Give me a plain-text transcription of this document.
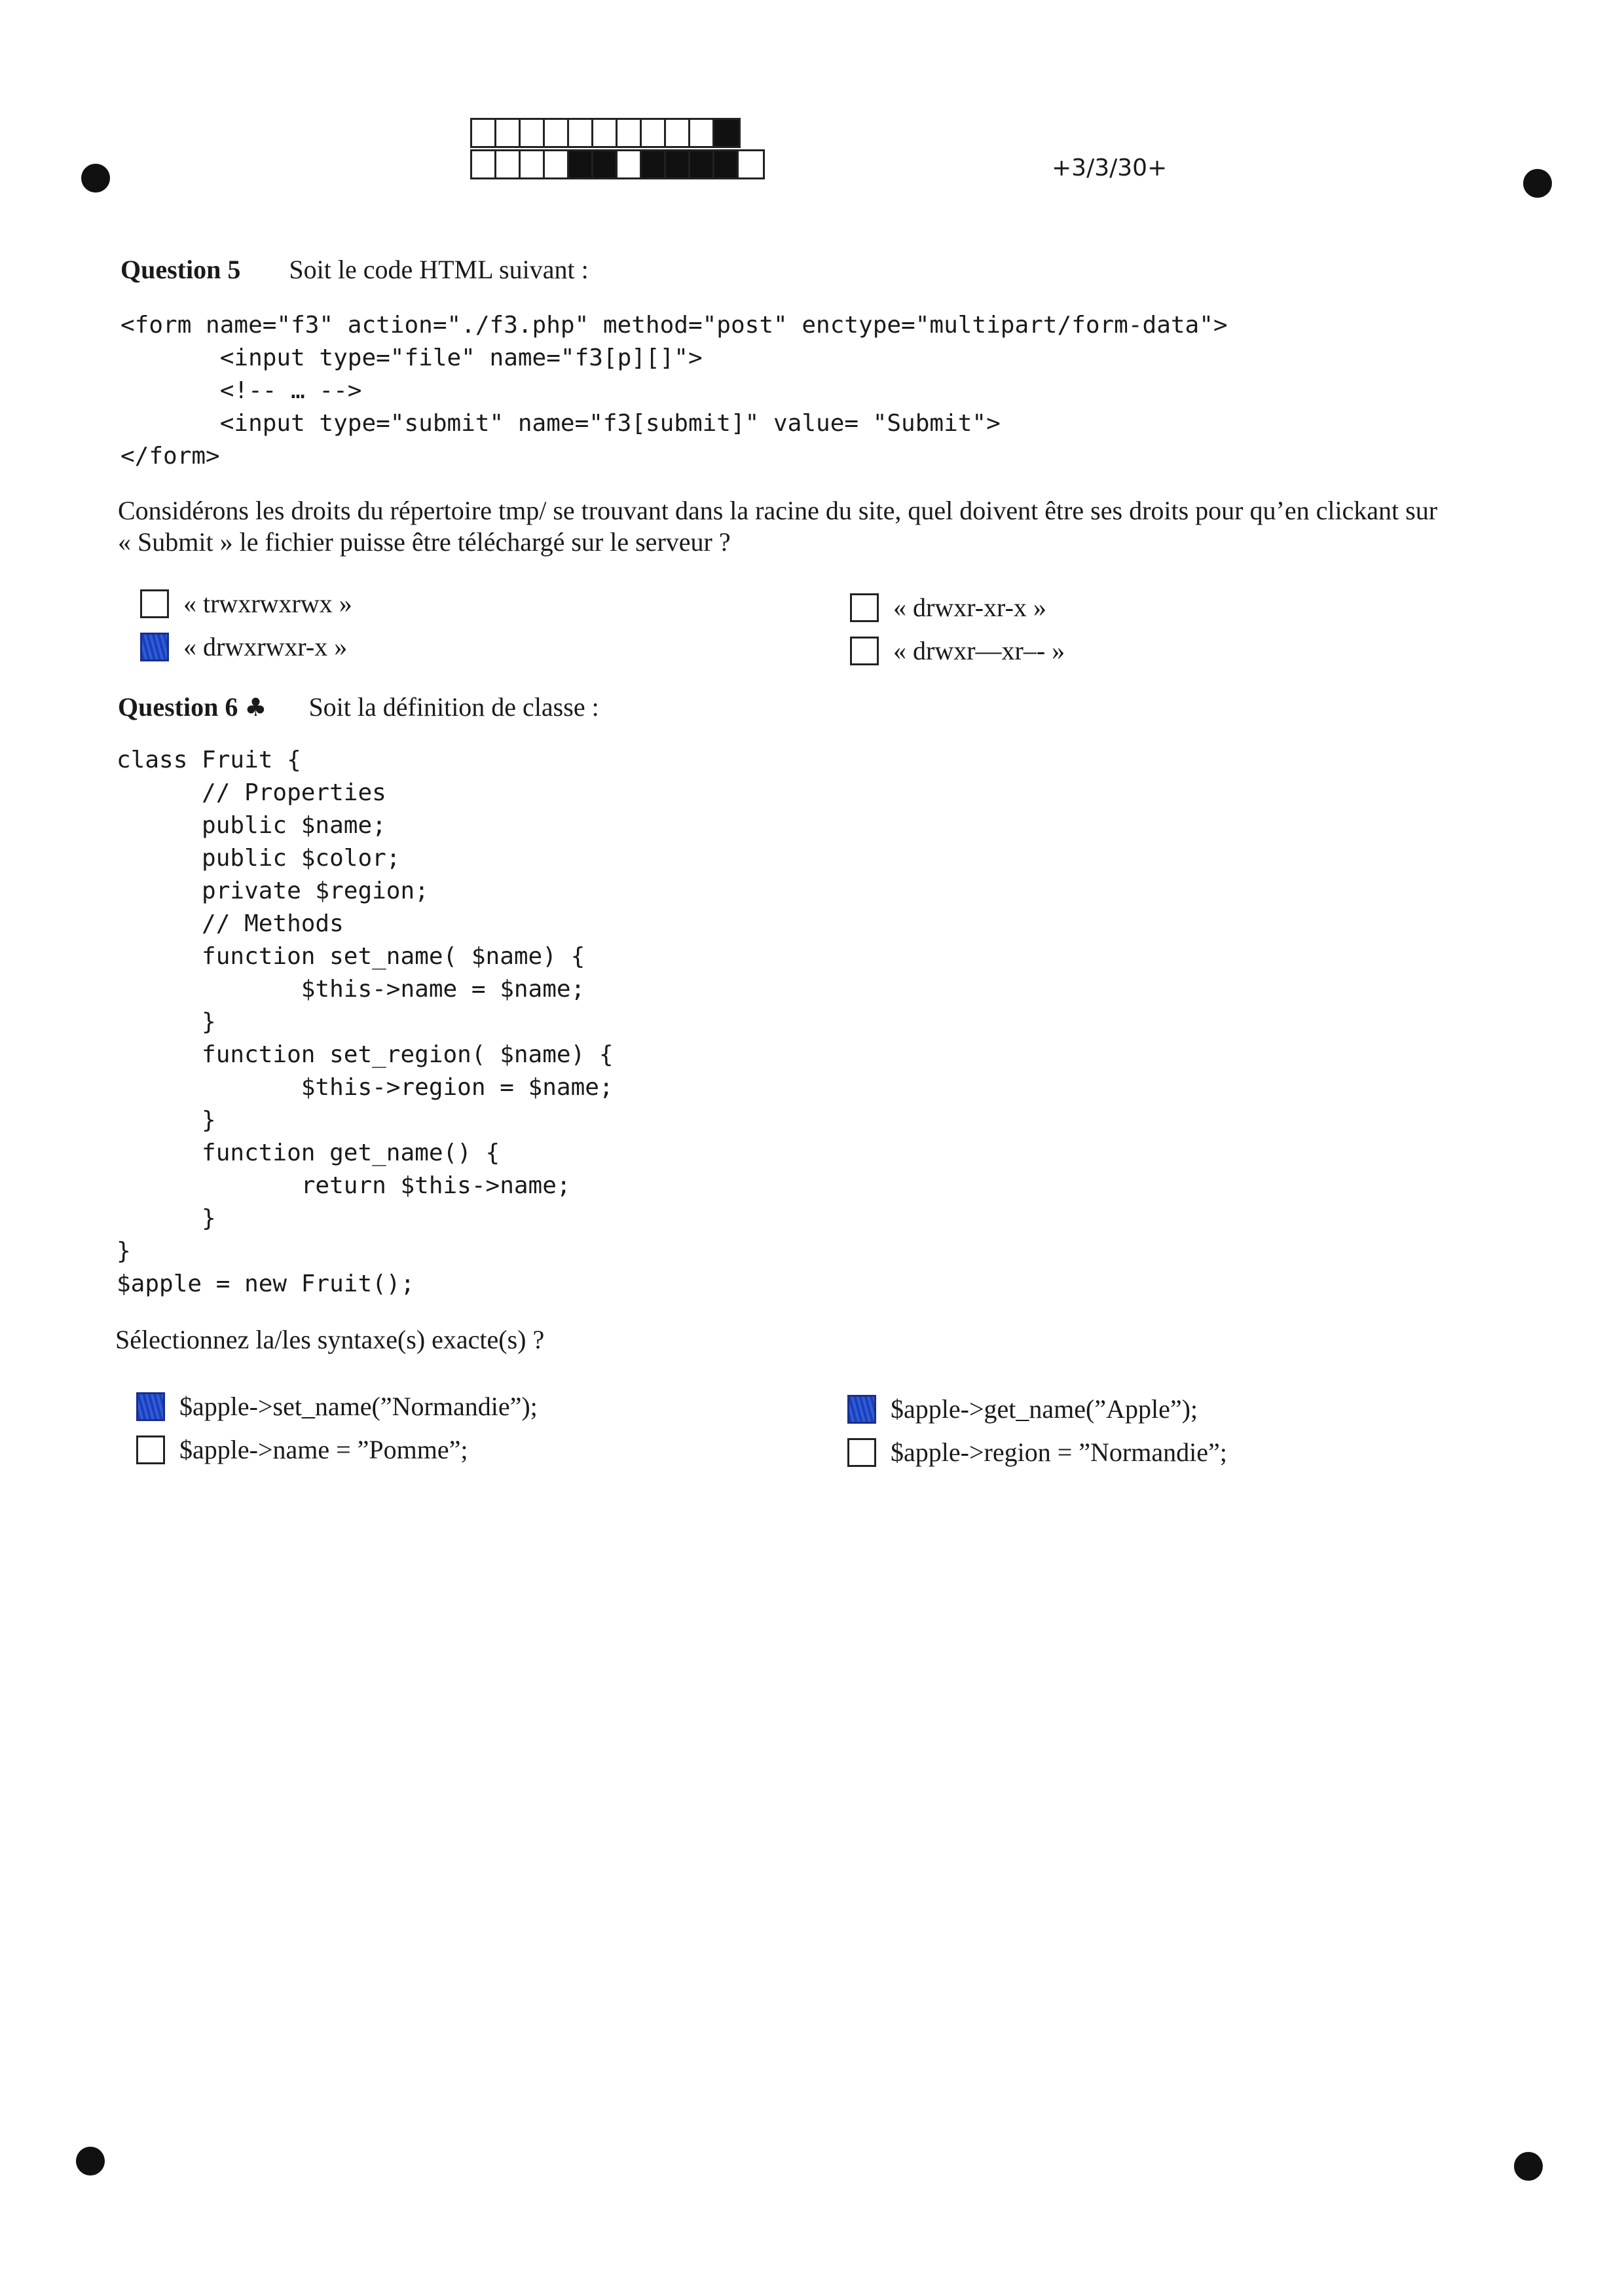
+3/3/30+
Question 5 Soit le code HTML suivant :
<form name="f3" action="./f3.php" method="post" enctype="multipart/form-data">
<input type="file" name="f3[p][]">
<!-- … -->
<input type="submit" name="f3[submit]" value= "Submit">
</form>
Considérons les droits du répertoire tmp/ se trouvant dans la racine du site, quel doivent être ses droits pour qu’en clickant sur
« Submit » le fichier puisse être téléchargé sur le serveur ?
« trwxrwxrwx »
« drwxrwxr-x »
« drwxr-xr-x »
« drwxr—xr–- »
Question 6 ♣ Soit la définition de classe :
class Fruit {
// Properties
public $name;
public $color;
private $region;
// Methods
function set_name( $name) {
$this->name = $name;
}
function set_region( $name) {
$this->region = $name;
}
function get_name() {
return $this->name;
}
}
$apple = new Fruit();
Sélectionnez la/les syntaxe(s) exacte(s) ?
$apple->set_name(”Normandie”);
$apple->name = ”Pomme”;
$apple->get_name(”Apple”);
$apple->region = ”Normandie”;
